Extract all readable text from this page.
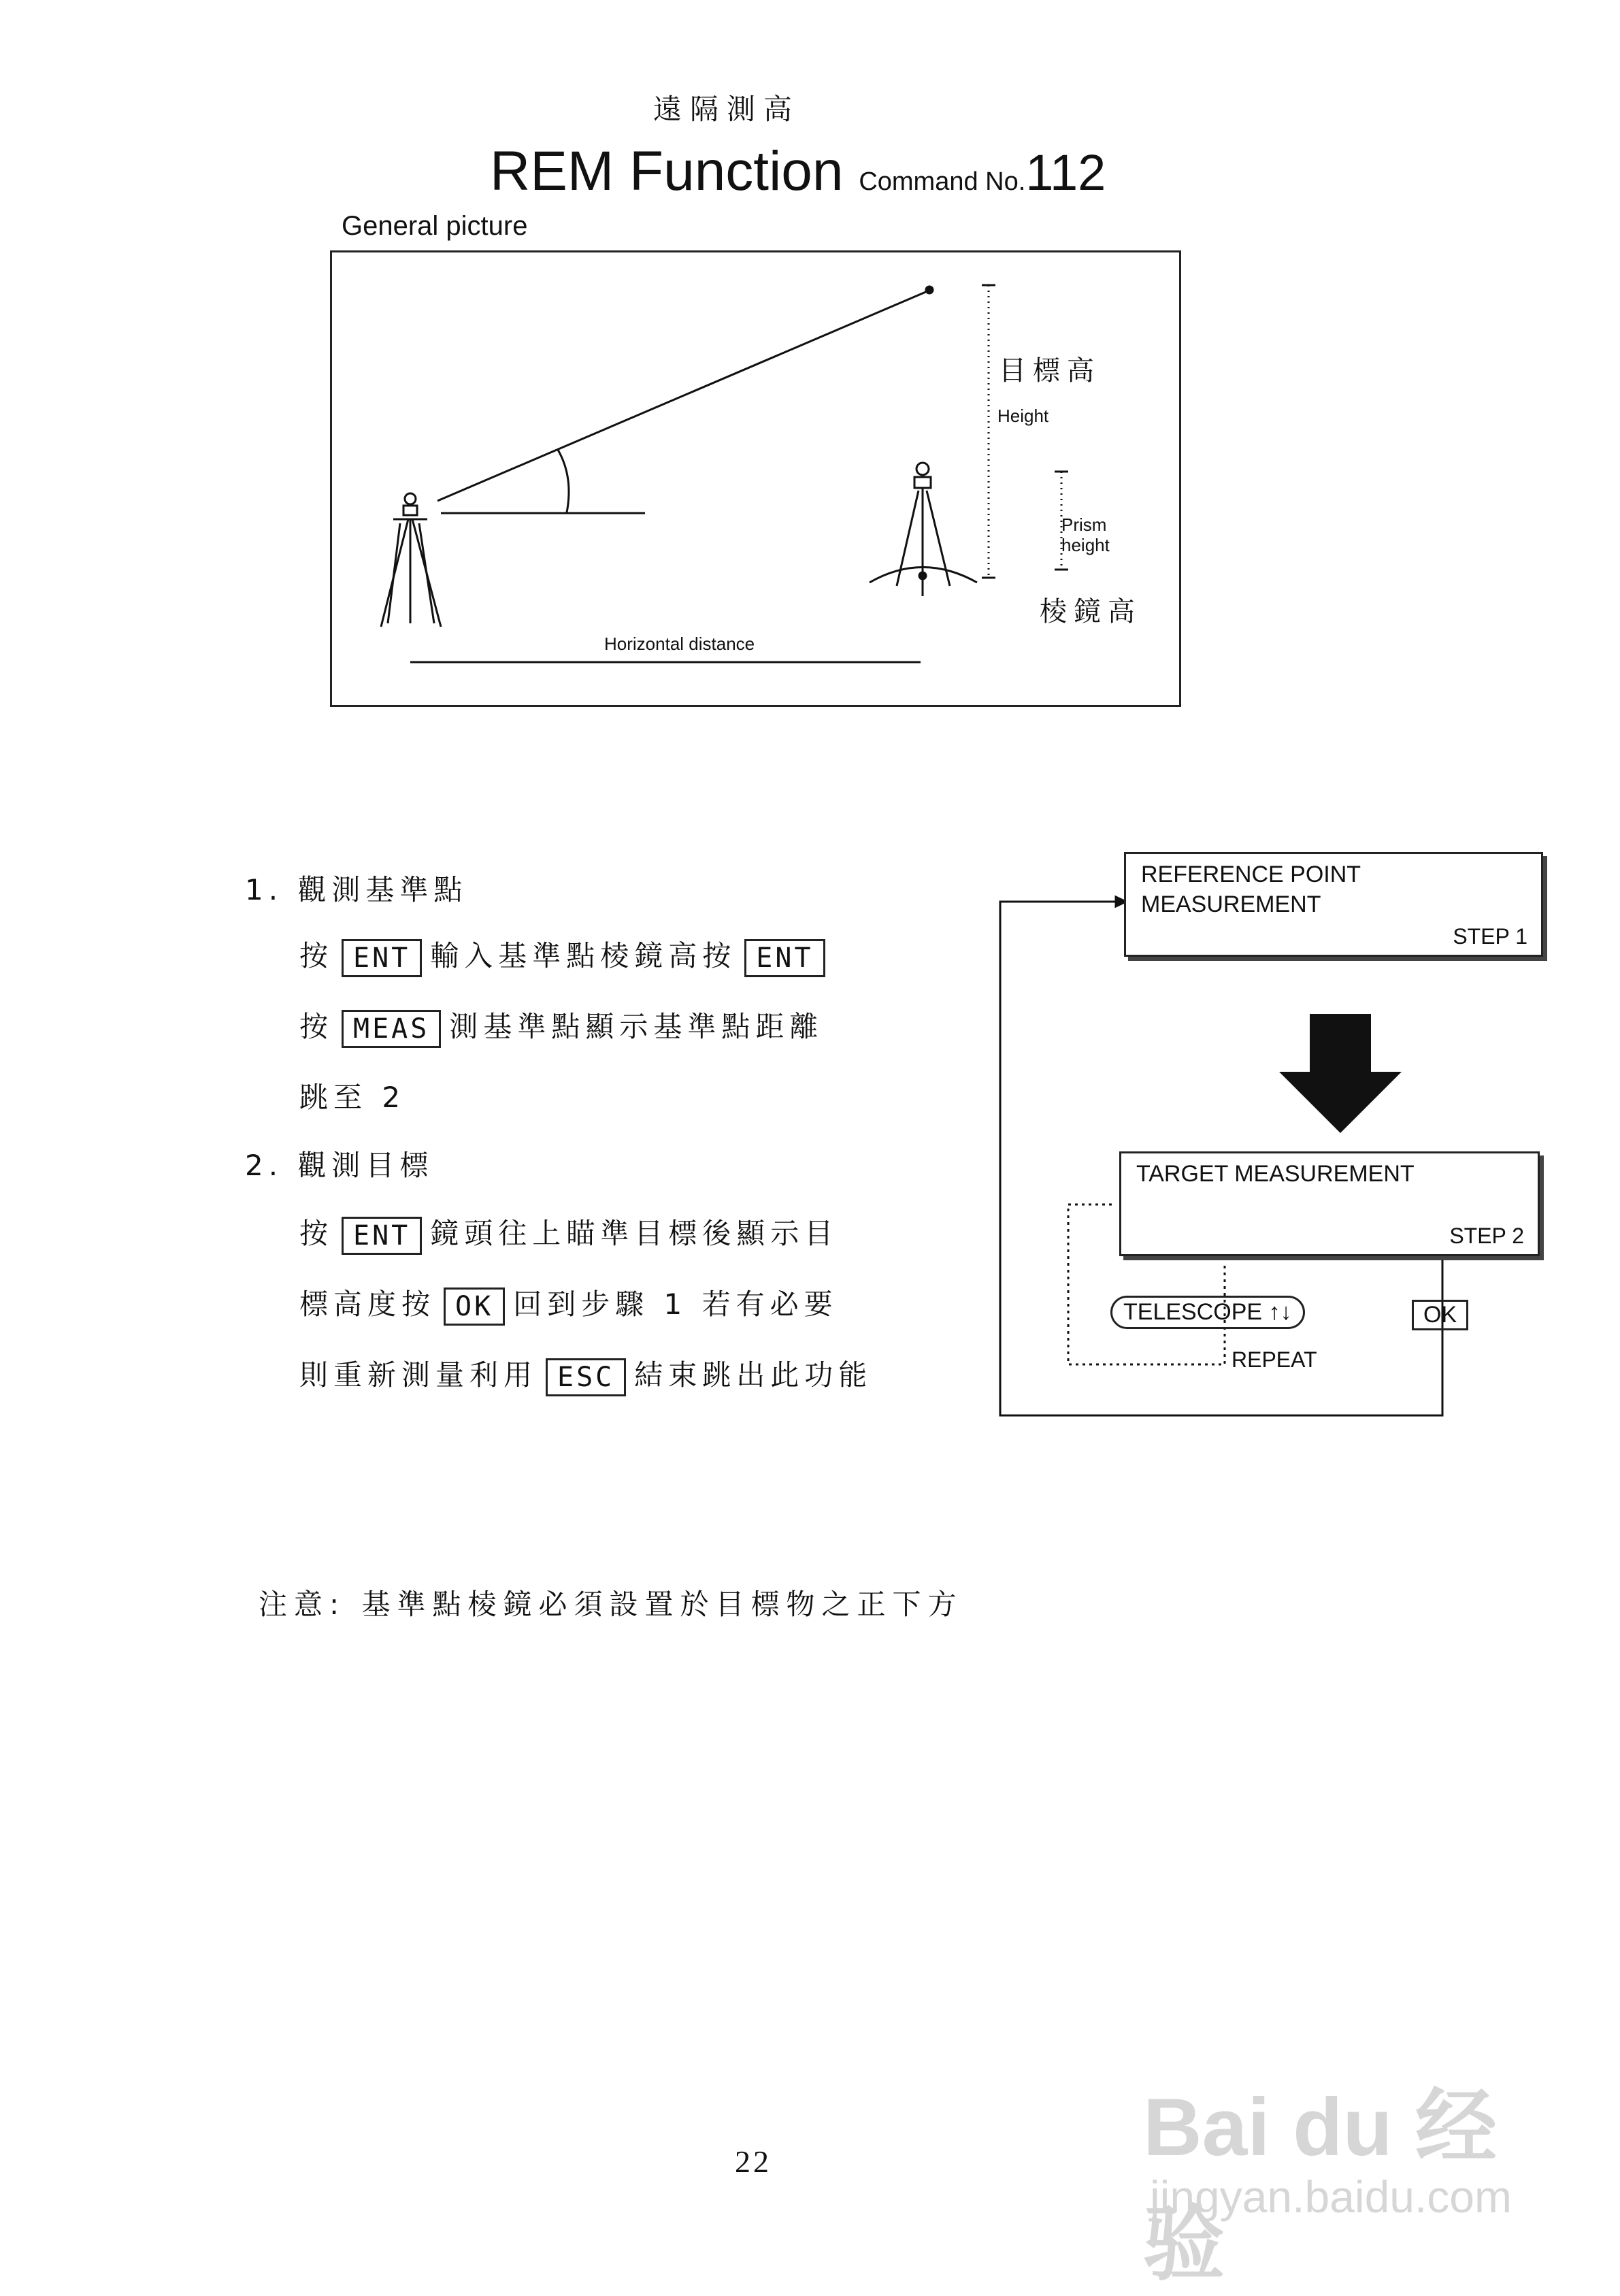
遠隔測高
REM Function Command No.112
General picture
目標高
Height
Prism
height
棱鏡高
Horizontal distance
1. 觀測基準點
按 ENT 輸入基準點棱鏡高按 ENT
按 MEAS 測基準點顯示基準點距離
跳至 2
2. 觀測目標
按 ENT 鏡頭往上瞄準目標後顯示目
標高度按 OK 回到步驟 1 若有必要
則重新測量利用 ESC 結束跳出此功能
REFERENCE POINT
MEASUREMENT
STEP 1
TARGET MEASUREMENT
STEP 2
TELESCOPE ↑↓
REPEAT
OK
注意: 基準點棱鏡必須設置於目標物之正下方
22	Bai du 经验
jingyan.baidu.com
